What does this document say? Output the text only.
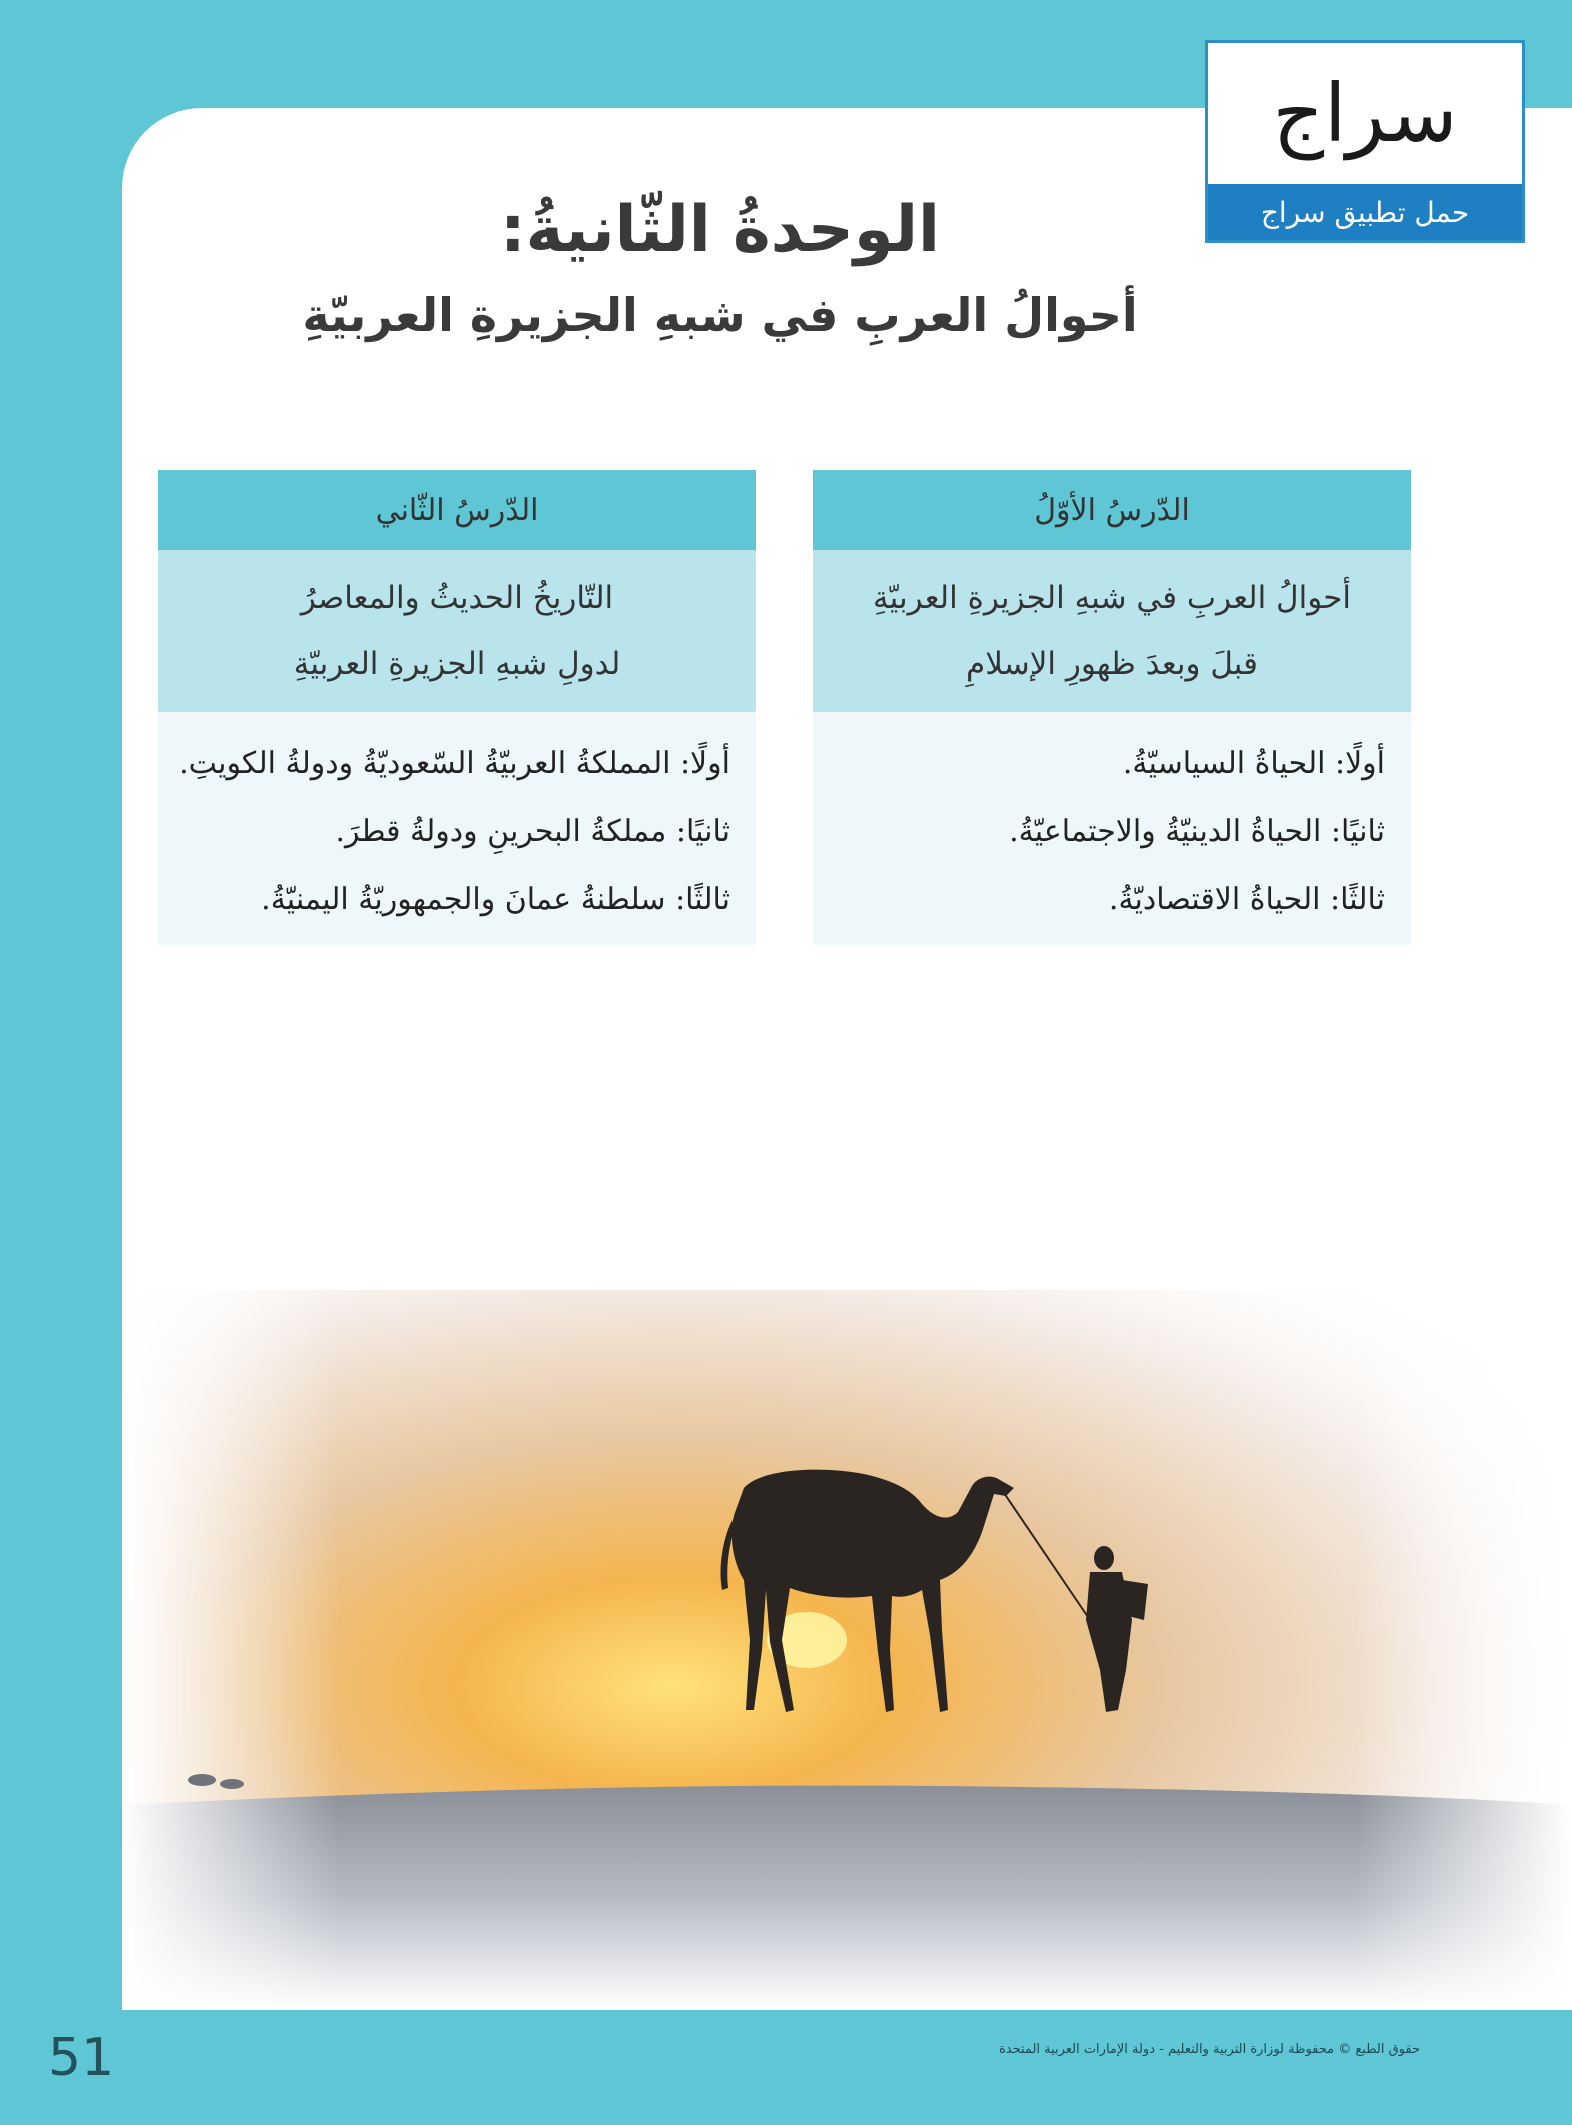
سراج
حمل تطبيق سراج
الوحدةُ الثّانيةُ:
أحوالُ العربِ في شبهِ الجزيرةِ العربيّةِ
الدّرسُ الأوّلُ
أحوالُ العربِ في شبهِ الجزيرةِ العربيّةِ
قبلَ وبعدَ ظهورِ الإسلامِ
أولًا: الحياةُ السياسيّةُ.
ثانيًا: الحياةُ الدينيّةُ والاجتماعيّةُ.
ثالثًا: الحياةُ الاقتصاديّةُ.
الدّرسُ الثّاني
التّاريخُ الحديثُ والمعاصرُ
لدولِ شبهِ الجزيرةِ العربيّةِ
أولًا: المملكةُ العربيّةُ السّعوديّةُ ودولةُ الكويتِ.
ثانيًا: مملكةُ البحرينِ ودولةُ قطرَ.
ثالثًا: سلطنةُ عمانَ والجمهوريّةُ اليمنيّةُ.
51	حقوق الطبع © محفوظة لوزارة التربية والتعليم - دولة الإمارات العربية المتحدة
